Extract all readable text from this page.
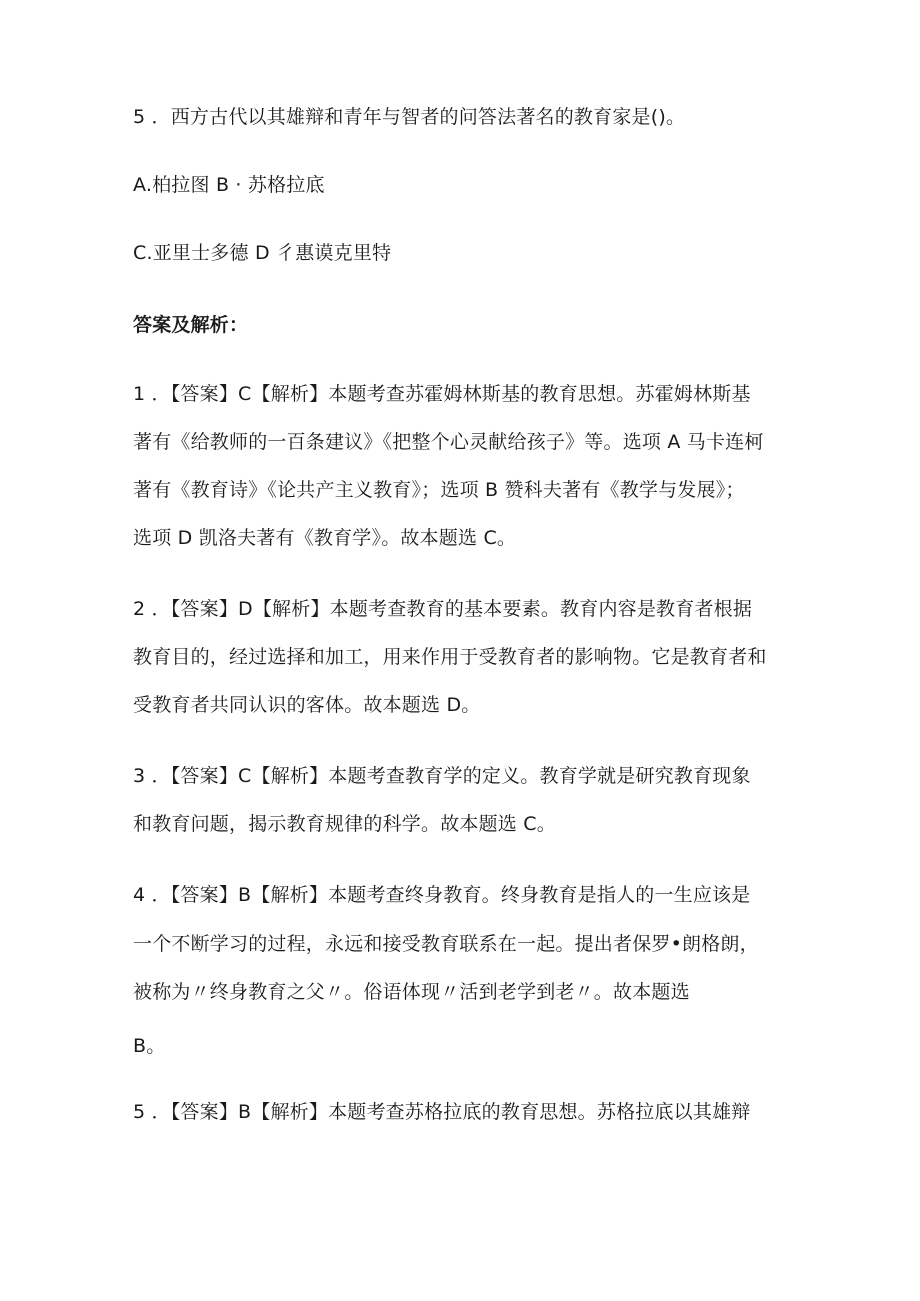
5 ．西方古代以其雄辩和青年与智者的问答法著名的教育家是()。
A.柏拉图 B · 苏格拉底
C.亚里士多德 D 彳惠谟克里特
答案及解析：
1 ．【答案】C【解析】本题考查苏霍姆林斯基的教育思想。苏霍姆林斯基
著有《给教师的一百条建议》《把整个心灵献给孩子》等。选项 A 马卡连柯
著有《教育诗》《论共产主义教育》；选项 B 赞科夫著有《教学与发展》；
选项 D 凯洛夫著有《教育学》。故本题选 C。
2 ．【答案】D【解析】本题考查教育的基本要素。教育内容是教育者根据
教育目的，经过选择和加工，用来作用于受教育者的影响物。它是教育者和
受教育者共同认识的客体。故本题选 D。
3 ．【答案】C【解析】本题考查教育学的定义。教育学就是研究教育现象
和教育问题，揭示教育规律的科学。故本题选 C。
4 ．【答案】B【解析】本题考查终身教育。终身教育是指人的一生应该是
一个不断学习的过程，永远和接受教育联系在一起。提出者保罗•朗格朗，
被称为〃终身教育之父〃。俗语体现〃活到老学到老〃。故本题选
B。
5 ．【答案】B【解析】本题考查苏格拉底的教育思想。苏格拉底以其雄辩
